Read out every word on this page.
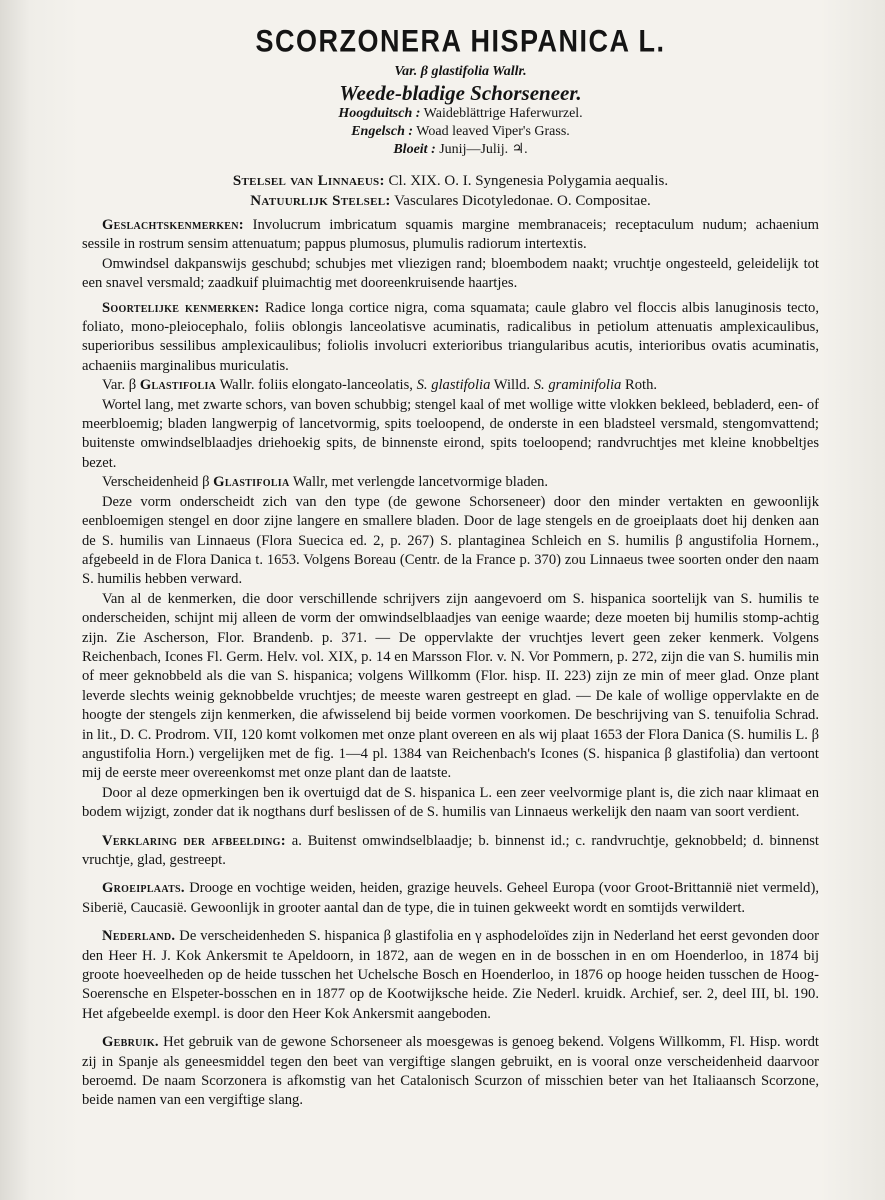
SCORZONERA HISPANICA L.
Var. β glastifolia Wallr.
Weede-bladige Schorseneer.
Hoogduitsch : Waideblättrige Haferwurzel.
Engelsch : Woad leaved Viper's Grass.
Bloeit : Junij—Julij. ♃.
Stelsel van Linnaeus: Cl. XIX. O. I. Syngenesia Polygamia aequalis.
Natuurlijk Stelsel: Vasculares Dicotyledonae. O. Compositae.

Geslachtskenmerken: Involucrum imbricatum squamis margine membranaceis; receptaculum nudum; achaenium sessile in rostrum sensim attenuatum; pappus plumosus, plumulis radiorum intertextis.

Omwindsel dakpanswijs geschubd; schubjes met vliezigen rand; bloembodem naakt; vruchtje ongesteeld, geleidelijk tot een snavel versmald; zaadkuif pluimachtig met dooreenkruisende haartjes.

Soortelijke kenmerken: Radice longa cortice nigra, coma squamata; caule glabro vel floccis albis lanuginosis tecto, foliato, mono-pleiocephalo, foliis oblongis lanceolatisve acuminatis, radicalibus in petiolum attenuatis amplexicaulibus, superioribus sessilibus amplexicaulibus; foliolis involucri exterioribus triangularibus acutis, interioribus ovatis acuminatis, achaeniis marginalibus muriculatis.

Var. β Glastifolia Wallr. foliis elongato-lanceolatis, S. glastifolia Willd. S. graminifolia Roth.

Wortel lang, met zwarte schors, van boven schubbig; stengel kaal of met wollige witte vlokken bekleed, bebladerd, een- of meerbloemig; bladen langwerpig of lancetvormig, spits toeloopend, de onderste in een bladsteel versmald, stengomvattend; buitenste omwindselblaadjes driehoekig spits, de binnenste eirond, spits toeloopend; randvruchtjes met kleine knobbeltjes bezet.

Verscheidenheid β Glastifolia Wallr, met verlengde lancetvormige bladen.

Deze vorm onderscheidt zich van den type (de gewone Schorseneer) door den minder vertakten en gewoonlijk eenbloemigen stengel en door zijne langere en smallere bladen. Door de lage stengels en de groeiplaats doet hij denken aan de S. humilis van Linnaeus (Flora Suecica ed. 2, p. 267) S. plantaginea Schleich en S. humilis β angustifolia Hornem., afgebeeld in de Flora Danica t. 1653. Volgens Boreau (Centr. de la France p. 370) zou Linnaeus twee soorten onder den naam S. humilis hebben verward.

Van al de kenmerken, die door verschillende schrijvers zijn aangevoerd om S. hispanica soortelijk van S. humilis te onderscheiden, schijnt mij alleen de vorm der omwindselblaadjes van eenige waarde; deze moeten bij humilis stomp-achtig zijn. Zie Ascherson, Flor. Brandenb. p. 371. — De oppervlakte der vruchtjes levert geen zeker kenmerk. Volgens Reichenbach, Icones Fl. Germ. Helv. vol. XIX, p. 14 en Marsson Flor. v. N. Vor Pommern, p. 272, zijn die van S. humilis min of meer geknobbeld als die van S. hispanica; volgens Willkomm (Flor. hisp. II. 223) zijn ze min of meer glad. Onze plant leverde slechts weinig geknobbelde vruchtjes; de meeste waren gestreept en glad. — De kale of wollige oppervlakte en de hoogte der stengels zijn kenmerken, die afwisselend bij beide vormen voorkomen. De beschrijving van S. tenuifolia Schrad. in lit., D. C. Prodrom. VII, 120 komt volkomen met onze plant overeen en als wij plaat 1653 der Flora Danica (S. humilis L. β angustifolia Horn.) vergelijken met de fig. 1—4 pl. 1384 van Reichenbach's Icones (S. hispanica β glastifolia) dan vertoont mij de eerste meer overeenkomst met onze plant dan de laatste.

Door al deze opmerkingen ben ik overtuigd dat de S. hispanica L. een zeer veelvormige plant is, die zich naar klimaat en bodem wijzigt, zonder dat ik nogthans durf beslissen of de S. humilis van Linnaeus werkelijk den naam van soort verdient.

Verklaring der afbeelding: a. Buitenst omwindselblaadje; b. binnenst id.; c. randvruchtje, geknobbeld; d. binnenst vruchtje, glad, gestreept.

Groeiplaats. Drooge en vochtige weiden, heiden, grazige heuvels. Geheel Europa (voor Groot-Brittannië niet vermeld), Siberië, Caucasië. Gewoonlijk in grooter aantal dan de type, die in tuinen gekweekt wordt en somtijds verwildert.

Nederland. De verscheidenheden S. hispanica β glastifolia en γ asphodeloïdes zijn in Nederland het eerst gevonden door den Heer H. J. Kok Ankersmit te Apeldoorn, in 1872, aan de wegen en in de bosschen in en om Hoenderloo, in 1874 bij groote hoeveelheden op de heide tusschen het Uchelsche Bosch en Hoenderloo, in 1876 op hooge heiden tusschen de Hoog-Soerensche en Elspeter-bosschen en in 1877 op de Kootwijksche heide. Zie Nederl. kruidk. Archief, ser. 2, deel III, bl. 190. Het afgebeelde exempl. is door den Heer Kok Ankersmit aangeboden.

Gebruik. Het gebruik van de gewone Schorseneer als moesgewas is genoeg bekend. Volgens Willkomm, Fl. Hisp. wordt zij in Spanje als geneesmiddel tegen den beet van vergiftige slangen gebruikt, en is vooral onze verscheidenheid daarvoor beroemd. De naam Scorzonera is afkomstig van het Catalonisch Scurzon of misschien beter van het Italiaansch Scorzone, beide namen van een vergiftige slang.
